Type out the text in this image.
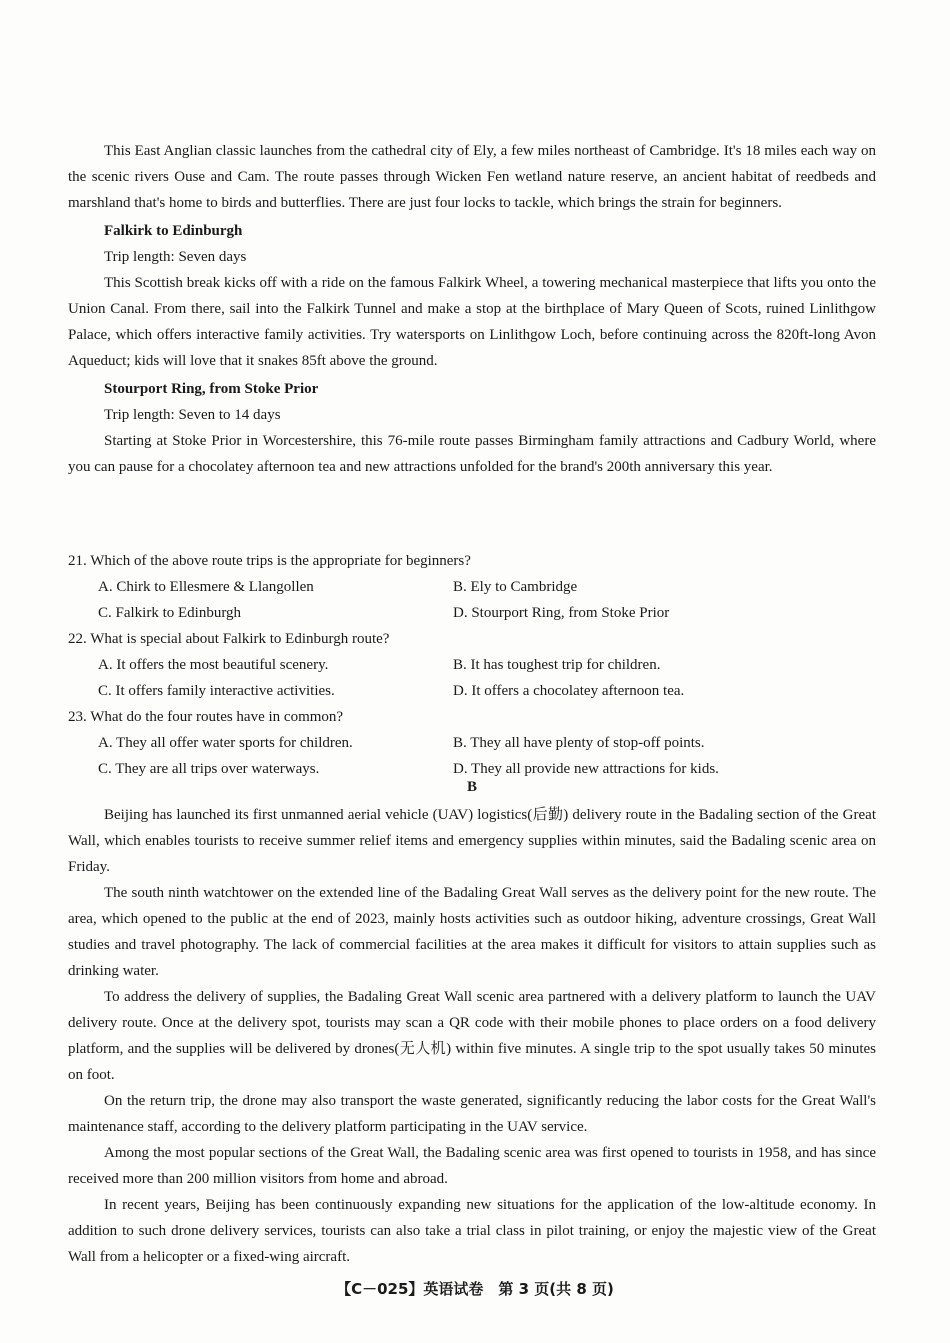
This East Anglian classic launches from the cathedral city of Ely, a few miles northeast of Cambridge. It's 18 miles each way on the scenic rivers Ouse and Cam. The route passes through Wicken Fen wetland nature reserve, an ancient habitat of reedbeds and marshland that's home to birds and butterflies. There are just four locks to tackle, which brings the strain for beginners.

Falkirk to Edinburgh

Trip length: Seven days

This Scottish break kicks off with a ride on the famous Falkirk Wheel, a towering mechanical masterpiece that lifts you onto the Union Canal. From there, sail into the Falkirk Tunnel and make a stop at the birthplace of Mary Queen of Scots, ruined Linlithgow Palace, which offers interactive family activities. Try watersports on Linlithgow Loch, before continuing across the 820ft-long Avon Aqueduct; kids will love that it snakes 85ft above the ground.

Stourport Ring, from Stoke Prior

Trip length: Seven to 14 days

Starting at Stoke Prior in Worcestershire, this 76-mile route passes Birmingham family attractions and Cadbury World, where you can pause for a chocolatey afternoon tea and new attractions unfolded for the brand's 200th anniversary this year.

21. Which of the above route trips is the appropriate for beginners?

A. Chirk to Ellesmere & Llangollen	B. Ely to Cambridge
C. Falkirk to Edinburgh	D. Stourport Ring, from Stoke Prior

22. What is special about Falkirk to Edinburgh route?

A. It offers the most beautiful scenery.	B. It has toughest trip for children.
C. It offers family interactive activities.	D. It offers a chocolatey afternoon tea.

23. What do the four routes have in common?

A. They all offer water sports for children.	B. They all have plenty of stop-off points.
C. They are all trips over waterways.	D. They all provide new attractions for kids.

B

Beijing has launched its first unmanned aerial vehicle (UAV) logistics(后勤) delivery route in the Badaling section of the Great Wall, which enables tourists to receive summer relief items and emergency supplies within minutes, said the Badaling scenic area on Friday.

The south ninth watchtower on the extended line of the Badaling Great Wall serves as the delivery point for the new route. The area, which opened to the public at the end of 2023, mainly hosts activities such as outdoor hiking, adventure crossings, Great Wall studies and travel photography. The lack of commercial facilities at the area makes it difficult for visitors to attain supplies such as drinking water.

To address the delivery of supplies, the Badaling Great Wall scenic area partnered with a delivery platform to launch the UAV delivery route. Once at the delivery spot, tourists may scan a QR code with their mobile phones to place orders on a food delivery platform, and the supplies will be delivered by drones(无人机) within five minutes. A single trip to the spot usually takes 50 minutes on foot.

On the return trip, the drone may also transport the waste generated, significantly reducing the labor costs for the Great Wall's maintenance staff, according to the delivery platform participating in the UAV service.

Among the most popular sections of the Great Wall, the Badaling scenic area was first opened to tourists in 1958, and has since received more than 200 million visitors from home and abroad.

In recent years, Beijing has been continuously expanding new situations for the application of the low-altitude economy. In addition to such drone delivery services, tourists can also take a trial class in pilot training, or enjoy the majestic view of the Great Wall from a helicopter or a fixed-wing aircraft.

【C－025】英语试卷　第 3 页(共 8 页)
